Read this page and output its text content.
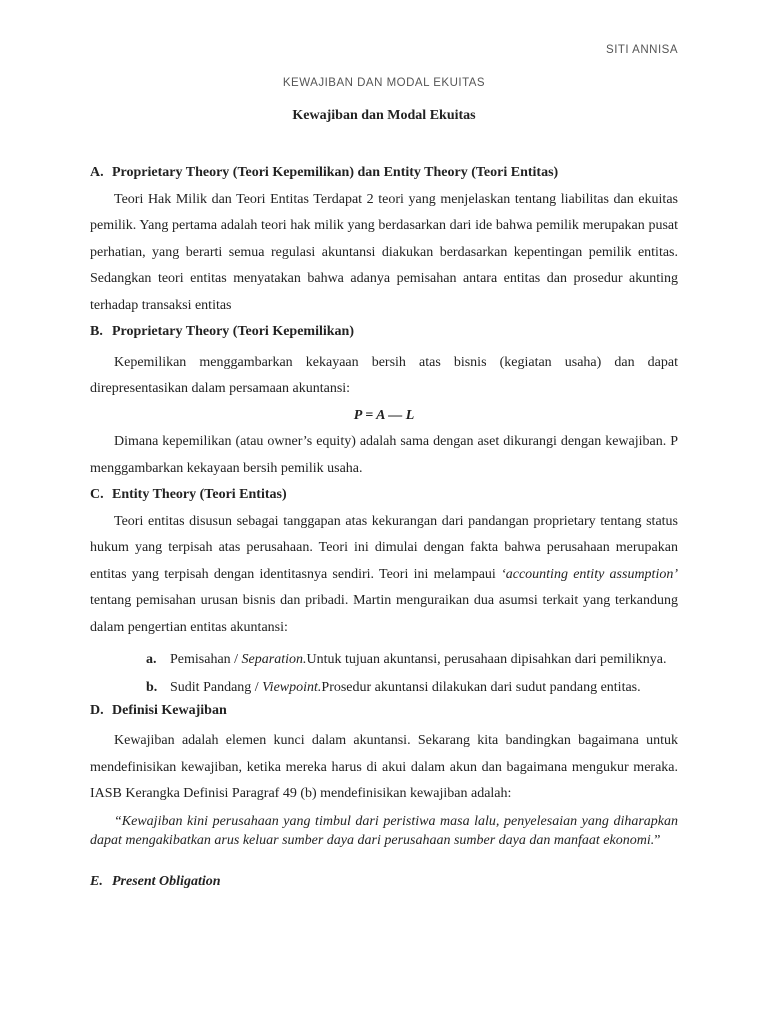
SITI ANNISA
KEWAJIBAN DAN MODAL EKUITAS
Kewajiban dan Modal Ekuitas
A. Proprietary Theory (Teori Kepemilikan) dan Entity Theory (Teori Entitas)

Teori Hak Milik dan Teori Entitas Terdapat 2 teori yang menjelaskan tentang liabilitas dan ekuitas pemilik. Yang pertama adalah teori hak milik yang berdasarkan dari ide bahwa pemilik merupakan pusat perhatian, yang berarti semua regulasi akuntansi diakukan berdasarkan kepentingan pemilik entitas. Sedangkan teori entitas menyatakan bahwa adanya pemisahan antara entitas dan prosedur akunting terhadap transaksi entitas

B. Proprietary Theory (Teori Kepemilikan)

Kepemilikan menggambarkan kekayaan bersih atas bisnis (kegiatan usaha) dan dapat direpresentasikan dalam persamaan akuntansi:

P = A — L

Dimana kepemilikan (atau owner’s equity) adalah sama dengan aset dikurangi dengan kewajiban. P menggambarkan kekayaan bersih pemilik usaha.

C. Entity Theory (Teori Entitas)

Teori entitas disusun sebagai tanggapan atas kekurangan dari pandangan proprietary tentang status hukum yang terpisah atas perusahaan. Teori ini dimulai dengan fakta bahwa perusahaan merupakan entitas yang terpisah dengan identitasnya sendiri. Teori ini melampaui ‘accounting entity assumption’ tentang pemisahan urusan bisnis dan pribadi. Martin menguraikan dua asumsi terkait yang terkandung dalam pengertian entitas akuntansi:

a. Pemisahan / Separation.Untuk tujuan akuntansi, perusahaan dipisahkan dari pemiliknya.
b. Sudit Pandang / Viewpoint.Prosedur akuntansi dilakukan dari sudut pandang entitas.
D. Definisi Kewajiban

Kewajiban adalah elemen kunci dalam akuntansi. Sekarang kita bandingkan bagaimana untuk mendefinisikan kewajiban, ketika mereka harus di akui dalam akun dan bagaimana mengukur meraka. IASB Kerangka Definisi Paragraf 49 (b) mendefinisikan kewajiban adalah:

“Kewajiban kini perusahaan yang timbul dari peristiwa masa lalu, penyelesaian yang diharapkan dapat mengakibatkan arus keluar sumber daya dari perusahaan sumber daya dan manfaat ekonomi.”

E. Present Obligation
